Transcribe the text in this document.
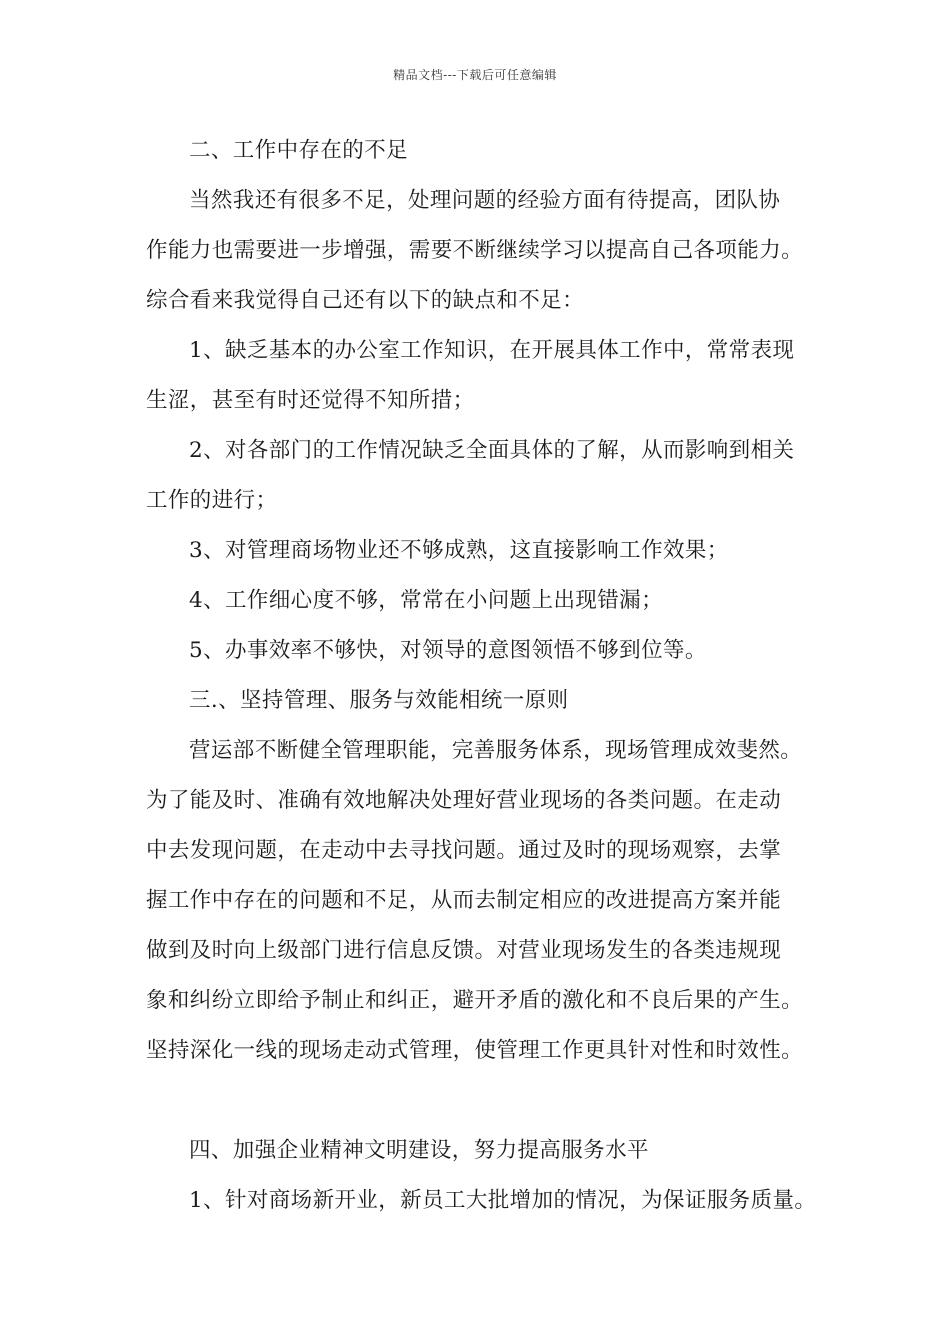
精品文档---下载后可任意编辑
二、工作中存在的不足
当然我还有很多不足，处理问题的经验方面有待提高，团队协
作能力也需要进一步增强，需要不断继续学习以提高自己各项能力。
综合看来我觉得自己还有以下的缺点和不足：
1、缺乏基本的办公室工作知识，在开展具体工作中，常常表现
生涩，甚至有时还觉得不知所措；
2、对各部门的工作情况缺乏全面具体的了解，从而影响到相关
工作的进行；
3、对管理商场物业还不够成熟，这直接影响工作效果；
4、工作细心度不够，常常在小问题上出现错漏；
5、办事效率不够快，对领导的意图领悟不够到位等。
三.、坚持管理、服务与效能相统一原则
营运部不断健全管理职能，完善服务体系，现场管理成效斐然。
为了能及时、准确有效地解决处理好营业现场的各类问题。在走动
中去发现问题，在走动中去寻找问题。通过及时的现场观察，去掌
握工作中存在的问题和不足，从而去制定相应的改进提高方案并能
做到及时向上级部门进行信息反馈。对营业现场发生的各类违规现
象和纠纷立即给予制止和纠正，避开矛盾的激化和不良后果的产生。
坚持深化一线的现场走动式管理，使管理工作更具针对性和时效性。
四、加强企业精神文明建设，努力提高服务水平
1、针对商场新开业，新员工大批增加的情况，为保证服务质量。
